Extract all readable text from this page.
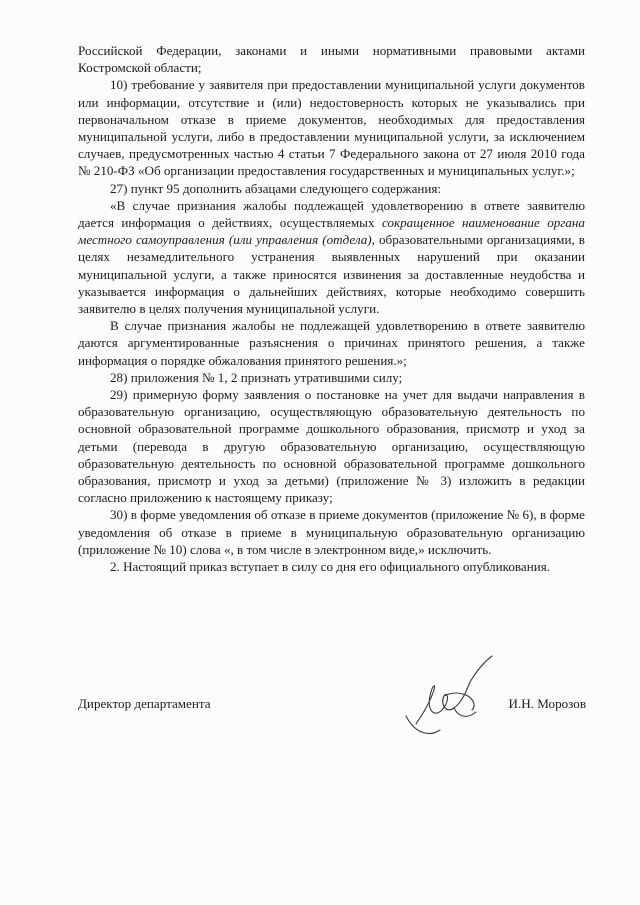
Российской Федерации, законами и иными нормативными правовыми актами Костромской области;

10) требование у заявителя при предоставлении муниципальной услуги документов или информации, отсутствие и (или) недостоверность которых не указывались при первоначальном отказе в приеме документов, необходимых для предоставления муниципальной услуги, либо в предоставлении муниципальной услуги, за исключением случаев, предусмотренных частью 4 статьи 7 Федерального закона от 27 июля 2010 года № 210-ФЗ «Об организации предоставления государственных и муниципальных услуг.»;

27) пункт 95 дополнить абзацами следующего содержания:

«В случае признания жалобы подлежащей удовлетворению в ответе заявителю дается информация о действиях, осуществляемых сокращенное наименование органа местного самоуправления (или управления (отдела), образовательными организациями, в целях незамедлительного устранения выявленных нарушений при оказании муниципальной услуги, а также приносятся извинения за доставленные неудобства и указывается информация о дальнейших действиях, которые необходимо совершить заявителю в целях получения муниципальной услуги.

В случае признания жалобы не подлежащей удовлетворению в ответе заявителю даются аргументированные разъяснения о причинах принятого решения, а также информация о порядке обжалования принятого решения.»;

28) приложения № 1, 2 признать утратившими силу;

29) примерную форму заявления о постановке на учет для выдачи направления в образовательную организацию, осуществляющую образовательную деятельность по основной образовательной программе дошкольного образования, присмотр и уход за детьми (перевода в другую образовательную организацию, осуществляющую образовательную деятельность по основной образовательной программе дошкольного образования, присмотр и уход за детьми) (приложение № 3) изложить в редакции согласно приложению к настоящему приказу;

30) в форме уведомления об отказе в приеме документов (приложение № 6), в форме уведомления об отказе в приеме в муниципальную образовательную организацию (приложение № 10) слова «, в том числе в электронном виде,» исключить.

2. Настоящий приказ вступает в силу со дня его официального опубликования.

Директор департамента	И.Н. Морозов
